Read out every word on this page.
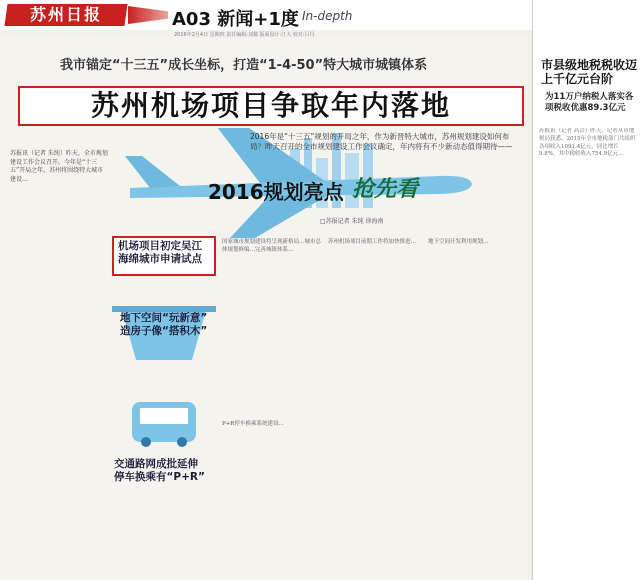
苏州日报	A03 新闻+1度 In-depth
2016年2月4日 星期四 责任编辑:刘耀 版面设计:江大 校对:吕丹
我市锚定“十三五”成长坐标，打造“1-4-50”特大城市城镇体系
苏州机场项目争取年内落地
2016年是“十三五”规划的开局之年，作为新晋特大城市，苏州规划建设如何布局？昨天召开的全市规划建设工作会议确定，年内将有不少新动态值得期待——
2016规划亮点 抢先看
□苏报记者 朱纯 徐海南
苏报讯（记者 朱纯）昨天，全市规划建设工作会议召开。今年是“十三五”开局之年，苏州将围绕特大城市建设…
机场项目初定吴江
海绵城市申请试点
国家城市规划建设将呈现新格局…城市总体规划修编…完善城镇体系…
苏州机场项目前期工作将加快推进…	地下空间开发利用规划…
地下空间“玩新意”
造房子像“搭积木”
交通路网成批延伸
停车换乘有“P+R”
P+R停车换乘系统建设…
市县级地税税收迈上千亿元台阶
为11万户纳税人落实各项税收优惠89.3亿元
苏报讯（记者 高岩）昨天，记者从市地税局获悉，2015年全市地税部门共组织各项收入1091.4亿元，同比增长9.8%，其中税收收入754.9亿元…
